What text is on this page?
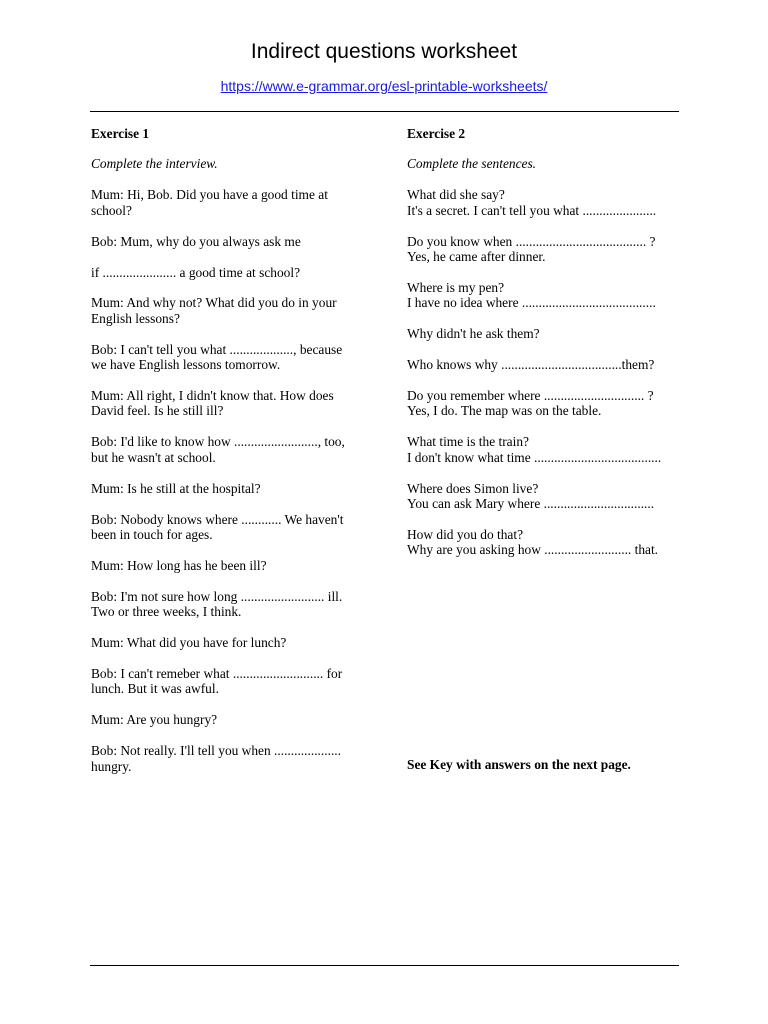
Indirect questions worksheet
https://www.e-grammar.org/esl-printable-worksheets/
Exercise 1
Complete the interview.
Mum: Hi, Bob. Did you have a good time at
school?
Bob: Mum, why do you always ask me
if ...................... a good time at school?
Mum: And why not? What did you do in your
English lessons?
Bob: I can't tell you what ..................., because
we have English lessons tomorrow.
Mum: All right, I didn't know that. How does
David feel. Is he still ill?
Bob: I'd like to know how ........................., too,
but he wasn't at school.
Mum: Is he still at the hospital?
Bob: Nobody knows where ............ We haven't
been in touch for ages.
Mum: How long has he been ill?
Bob: I'm not sure how long ......................... ill.
Two or three weeks, I think.
Mum: What did you have for lunch?
Bob: I can't remeber what ........................... for
lunch. But it was awful.
Mum: Are you hungry?
Bob: Not really. I'll tell you when ....................
hungry.
Exercise 2
Complete the sentences.
What did she say?
It's a secret. I can't tell you what ......................
Do you know when ....................................... ?
Yes, he came after dinner.
Where is my pen?
I have no idea where ........................................
Why didn't he ask them?
Who knows why ....................................them?
Do you remember where .............................. ?
Yes, I do. The map was on the table.
What time is the train?
I don't know what time ......................................
Where does Simon live?
You can ask Mary where .................................
How did you do that?
Why are you asking how .......................... that.
See Key with answers on the next page.
